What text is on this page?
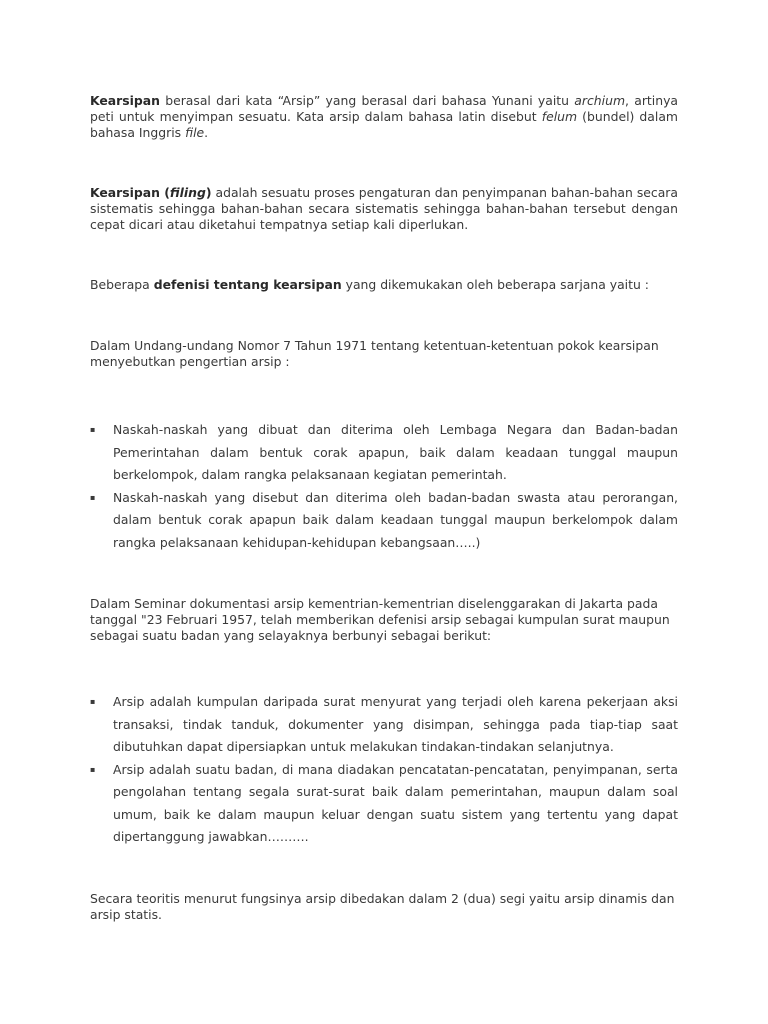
Kearsipan berasal dari kata “Arsip” yang berasal dari bahasa Yunani yaitu archium, artinya peti untuk menyimpan sesuatu. Kata arsip dalam bahasa latin disebut felum (bundel) dalam bahasa Inggris file.

Kearsipan (filing) adalah sesuatu proses pengaturan dan penyimpanan bahan-bahan secara sistematis sehingga bahan-bahan secara sistematis sehingga bahan-bahan tersebut dengan cepat dicari atau diketahui tempatnya setiap kali diperlukan.

Beberapa defenisi tentang kearsipan yang dikemukakan oleh beberapa sarjana yaitu :

Dalam Undang-undang Nomor 7 Tahun 1971 tentang ketentuan-ketentuan pokok kearsipan menyebutkan pengertian arsip :

▪ Naskah-naskah yang dibuat dan diterima oleh Lembaga Negara dan Badan-badan Pemerintahan dalam bentuk corak apapun, baik dalam keadaan tunggal maupun berkelompok, dalam rangka pelaksanaan kegiatan pemerintah.
▪ Naskah-naskah yang disebut dan diterima oleh badan-badan swasta atau perorangan, dalam bentuk corak apapun baik dalam keadaan tunggal maupun berkelompok dalam rangka pelaksanaan kehidupan-kehidupan kebangsaan…..)

Dalam Seminar dokumentasi arsip kementrian-kementrian diselenggarakan di Jakarta pada tanggal "23 Februari 1957, telah memberikan defenisi arsip sebagai kumpulan surat maupun sebagai suatu badan yang selayaknya berbunyi sebagai berikut:

▪ Arsip adalah kumpulan daripada surat menyurat yang terjadi oleh karena pekerjaan aksi transaksi, tindak tanduk, dokumenter yang disimpan, sehingga pada tiap-tiap saat dibutuhkan dapat dipersiapkan untuk melakukan tindakan-tindakan selanjutnya.
▪ Arsip adalah suatu badan, di mana diadakan pencatatan-pencatatan, penyimpanan, serta pengolahan tentang segala surat-surat baik dalam pemerintahan, maupun dalam soal umum, baik ke dalam maupun keluar dengan suatu sistem yang tertentu yang dapat dipertanggung jawabkan……….

Secara teoritis menurut fungsinya arsip dibedakan dalam 2 (dua) segi yaitu arsip dinamis dan arsip statis.
